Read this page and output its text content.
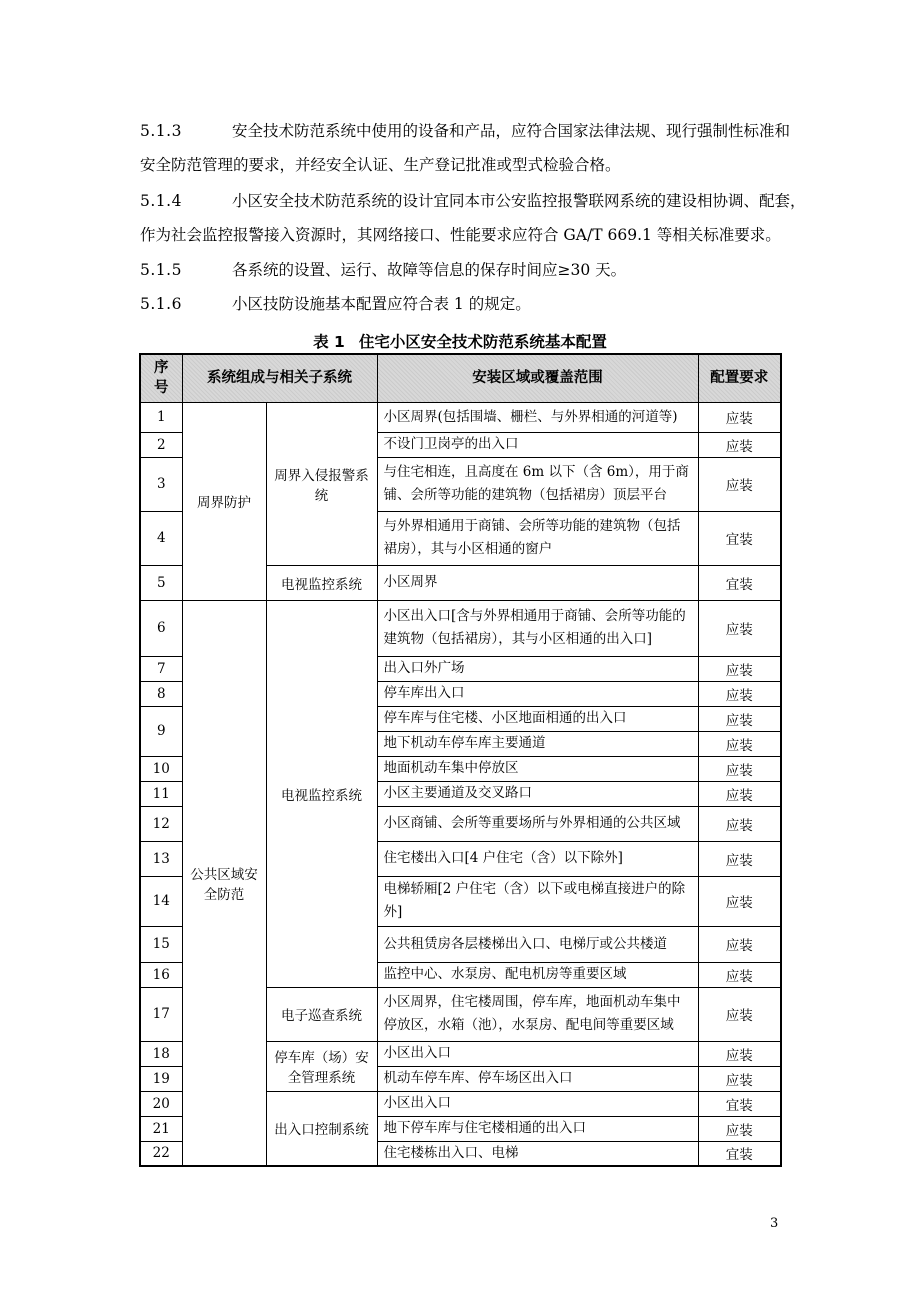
5.1.3	安全技术防范系统中使用的设备和产品，应符合国家法律法规、现行强制性标准和
安全防范管理的要求，并经安全认证、生产登记批准或型式检验合格。
5.1.4	小区安全技术防范系统的设计宜同本市公安监控报警联网系统的建设相协调、配套，
作为社会监控报警接入资源时，其网络接口、性能要求应符合 GA/T 669.1 等相关标准要求。
5.1.5	各系统的设置、运行、故障等信息的保存时间应≥30 天。
5.1.6	小区技防设施基本配置应符合表 1 的规定。
表 1 住宅小区安全技术防范系统基本配置
序号	系统组成与相关子系统		安装区域或覆盖范围	配置要求
1	周界防护	周界入侵报警系统	小区周界(包括围墙、栅栏、与外界相通的河道等)	应装
2			不设门卫岗亭的出入口	应装
3			与住宅相连，且高度在 6m 以下（含 6m），用于商铺、会所等功能的建筑物（包括裙房）顶层平台	应装
4			与外界相通用于商铺、会所等功能的建筑物（包括裙房），其与小区相通的窗户	宜装
5		电视监控系统	小区周界	宜装
6	公共区域安全防范	电视监控系统	小区出入口[含与外界相通用于商铺、会所等功能的建筑物（包括裙房），其与小区相通的出入口]	应装
7			出入口外广场	应装
8			停车库出入口	应装
9			停车库与住宅楼、小区地面相通的出入口	应装
			地下机动车停车库主要通道	应装
10			地面机动车集中停放区	应装
11			小区主要通道及交叉路口	应装
12			小区商铺、会所等重要场所与外界相通的公共区域	应装
13			住宅楼出入口[4 户住宅（含）以下除外]	应装
14			电梯轿厢[2 户住宅（含）以下或电梯直接进户的除外]	应装
15			公共租赁房各层楼梯出入口、电梯厅或公共楼道	应装
16			监控中心、水泵房、配电机房等重要区域	应装
17		电子巡查系统	小区周界，住宅楼周围，停车库，地面机动车集中停放区，水箱（池），水泵房、配电间等重要区域	应装
18		停车库（场）安全管理系统	小区出入口	应装
19			机动车停车库、停车场区出入口	应装
20		出入口控制系统	小区出入口	宜装
21			地下停车库与住宅楼相通的出入口	应装
22			住宅楼栋出入口、电梯	宜装
3
